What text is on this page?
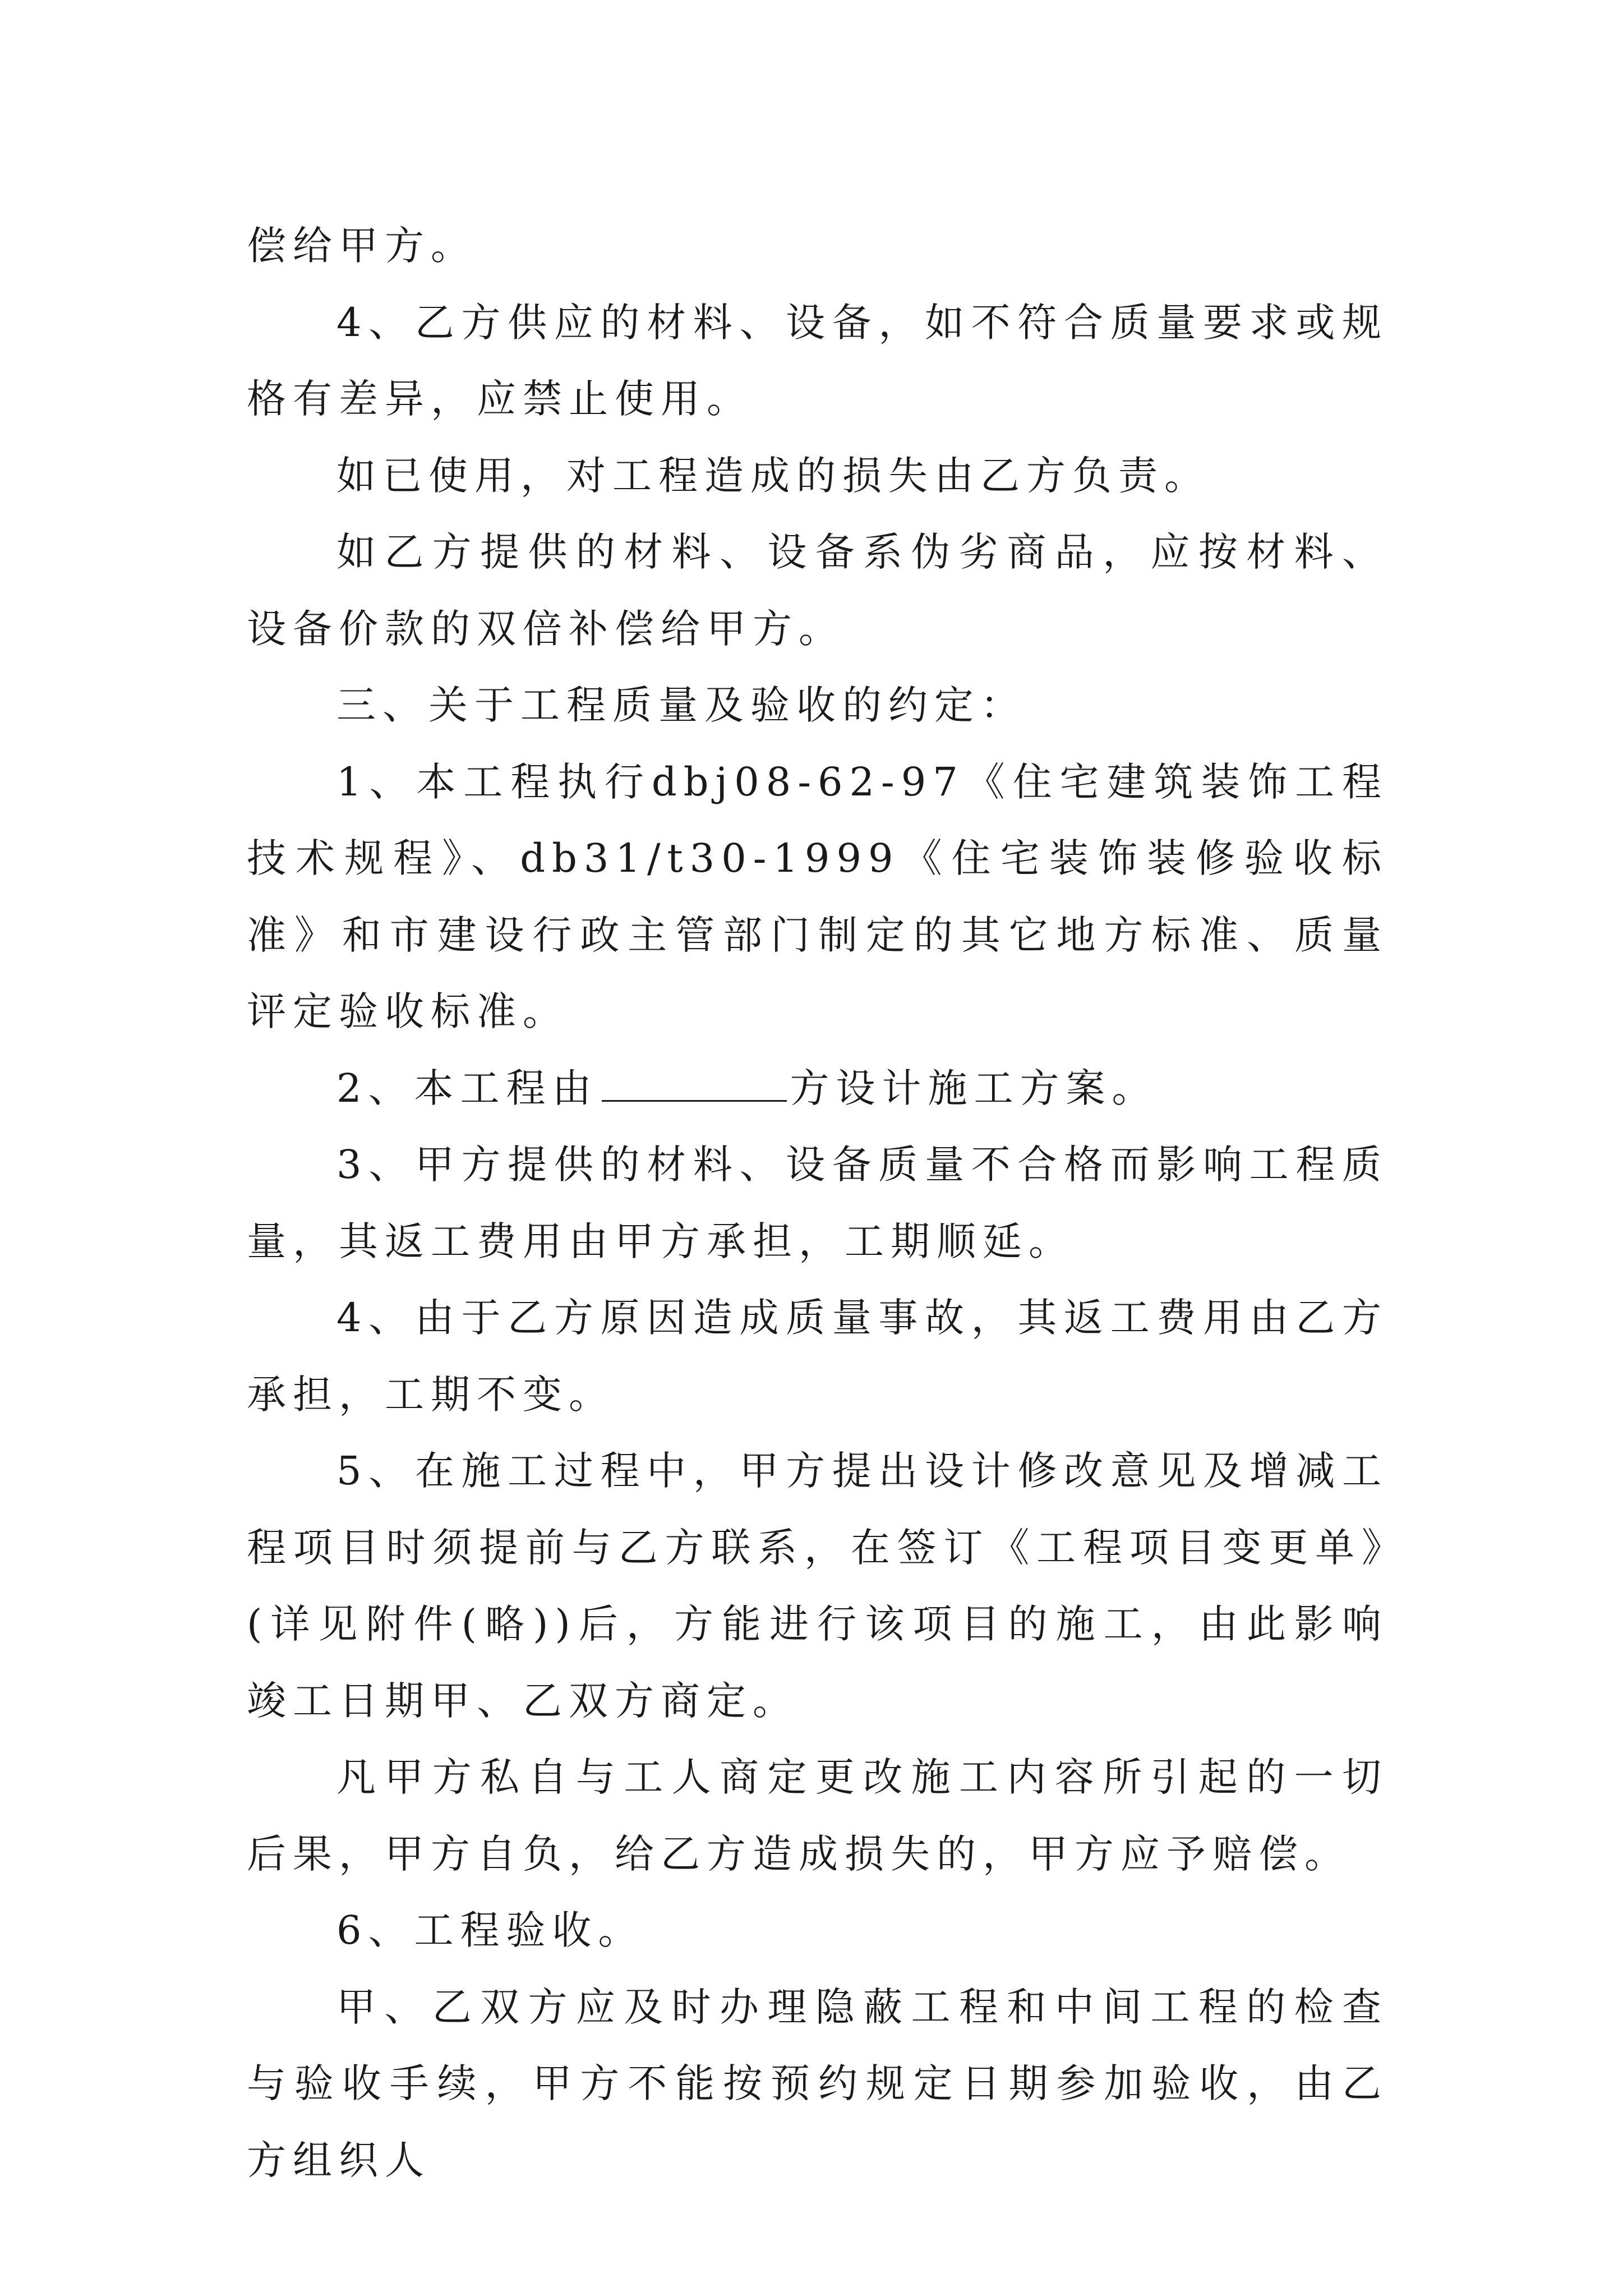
偿给甲方。

4、乙方供应的材料、设备，如不符合质量要求或规格有差异，应禁止使用。

如已使用，对工程造成的损失由乙方负责。

如乙方提供的材料、设备系伪劣商品，应按材料、设备价款的双倍补偿给甲方。

三、关于工程质量及验收的约定：

1、本工程执行dbj08-62-97《住宅建筑装饰工程技术规程》、db31/t30-1999《住宅装饰装修验收标准》和市建设行政主管部门制定的其它地方标准、质量评定验收标准。

2、本工程由	方设计施工方案。

3、甲方提供的材料、设备质量不合格而影响工程质量，其返工费用由甲方承担，工期顺延。

4、由于乙方原因造成质量事故，其返工费用由乙方承担，工期不变。

5、在施工过程中，甲方提出设计修改意见及增减工程项目时须提前与乙方联系，在签订《工程项目变更单》(详见附件(略))后，方能进行该项目的施工，由此影响竣工日期甲、乙双方商定。

凡甲方私自与工人商定更改施工内容所引起的一切后果，甲方自负，给乙方造成损失的，甲方应予赔偿。

6、工程验收。

甲、乙双方应及时办理隐蔽工程和中间工程的检查与验收手续，甲方不能按预约规定日期参加验收，由乙方组织人
